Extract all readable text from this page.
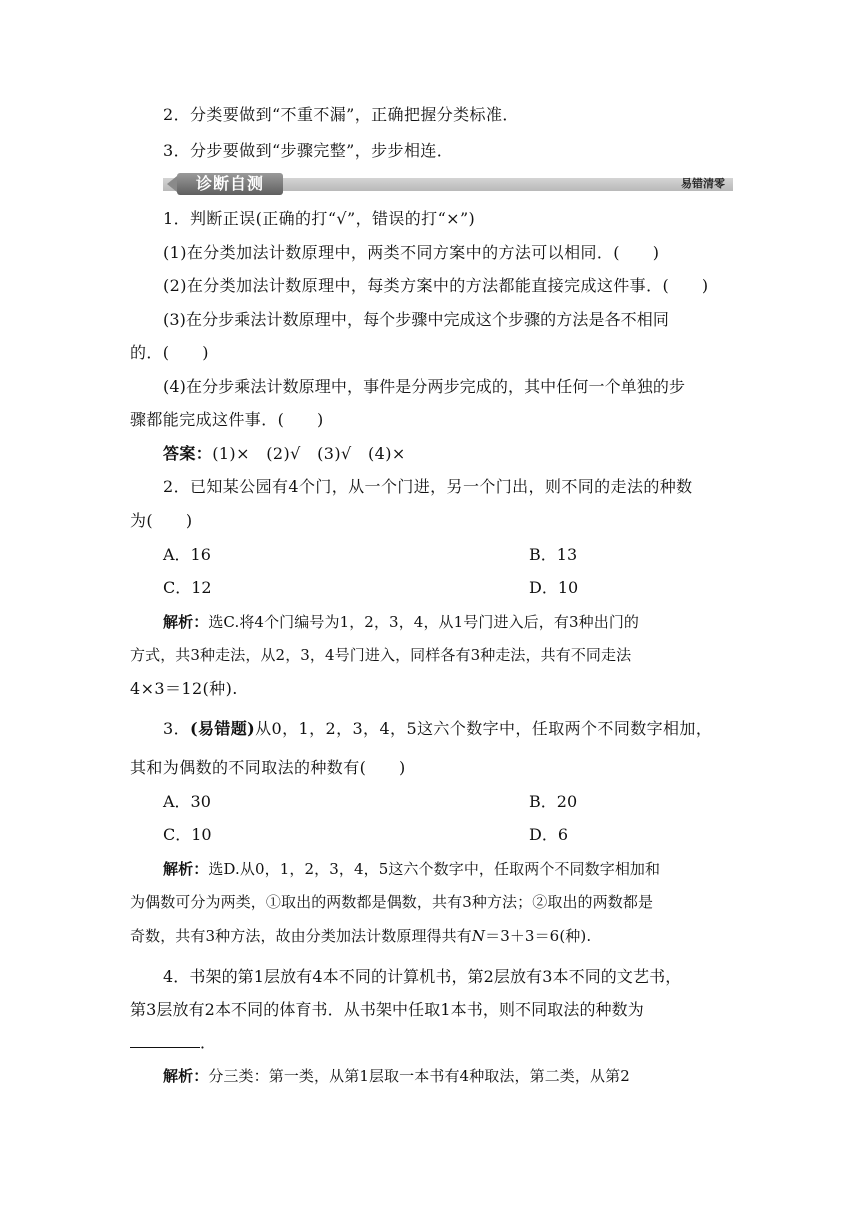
2．分类要做到“不重不漏”，正确把握分类标准．
3．分步要做到“步骤完整”，步步相连．
诊断自测	易错清零
1．判断正误(正确的打“√”，错误的打“×”)
(1)在分类加法计数原理中，两类不同方案中的方法可以相同．(　　)
(2)在分类加法计数原理中，每类方案中的方法都能直接完成这件事．(　　)
(3)在分步乘法计数原理中，每个步骤中完成这个步骤的方法是各不相同
的．(　　)
(4)在分步乘法计数原理中，事件是分两步完成的，其中任何一个单独的步
骤都能完成这件事．(　　)
答案：(1)×　(2)√　(3)√　(4)×
2．已知某公园有4个门，从一个门进，另一个门出，则不同的走法的种数
为(　　)
A．16	B．13
C．12	D．10
解析：选C.将4个门编号为1，2，3，4，从1号门进入后，有3种出门的
方式，共3种走法，从2，3，4号门进入，同样各有3种走法，共有不同走法
4×3＝12(种).
3．(易错题)从0，1，2，3，4，5这六个数字中，任取两个不同数字相加，
其和为偶数的不同取法的种数有(　　)
A．30	B．20
C．10	D．6
解析：选D.从0，1，2，3，4，5这六个数字中，任取两个不同数字相加和
为偶数可分为两类，①取出的两数都是偶数，共有3种方法；②取出的两数都是
奇数，共有3种方法，故由分类加法计数原理得共有N＝3＋3＝6(种).
4．书架的第1层放有4本不同的计算机书，第2层放有3本不同的文艺书，
第3层放有2本不同的体育书．从书架中任取1本书，则不同取法的种数为
．
解析：分三类：第一类，从第1层取一本书有4种取法，第二类，从第2
